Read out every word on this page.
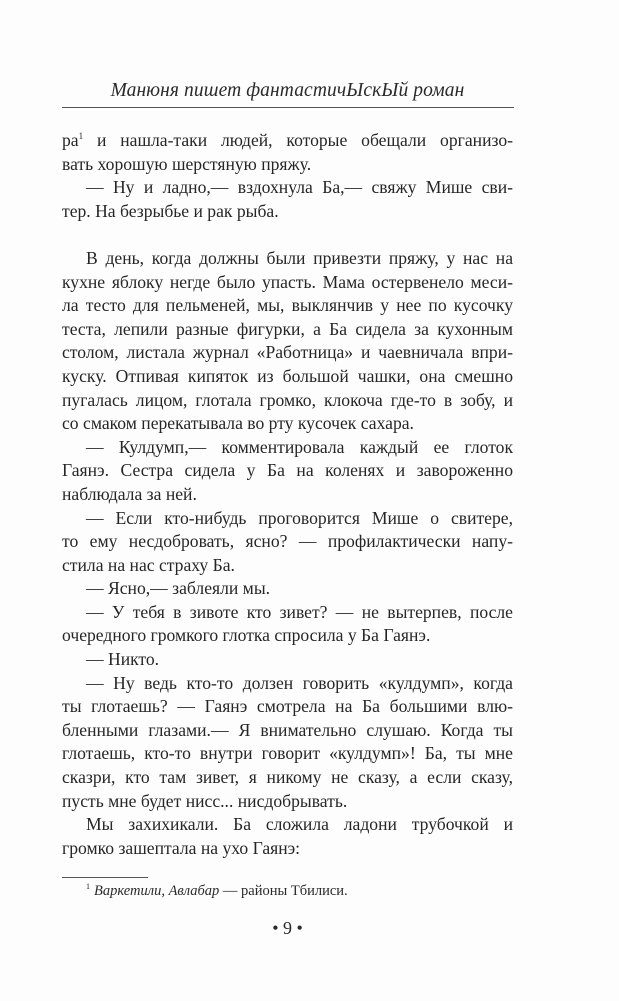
Манюня пишет фантастичЫскЫй роман
$ра^1$ и нашла-таки людей, которые обещали организо-
вать хорошую шерстяную пряжу.
— Ну и ладно,— вздохнула Ба,— свяжу Мише сви-
тер. На безрыбье и рак рыба.
В день, когда должны были привезти пряжу, у нас на
кухне яблоку негде было упасть. Мама остервенело меси-
ла тесто для пельменей, мы, выклянчив у нее по кусочку
теста, лепили разные фигурки, а Ба сидела за кухонным
столом, листала журнал «Работница» и чаевничала впри-
куску. Отпивая кипяток из большой чашки, она смешно
пугалась лицом, глотала громко, клокоча где-то в зобу, и
со смаком перекатывала во рту кусочек сахара.
— Кулдумп,— комментировала каждый ее глоток
Гаянэ. Сестра сидела у Ба на коленях и завороженно
наблюдала за ней.
— Если кто-нибудь проговорится Мише о свитере,
то ему несдобровать, ясно? — профилактически напу-
стила на нас страху Ба.
— Ясно,— заблеяли мы.
— У тебя в зивоте кто зивет? — не вытерпев, после
очередного громкого глотка спросила у Ба Гаянэ.
— Никто.
— Ну ведь кто-то долзен говорить «кулдумп», когда
ты глотаешь? — Гаянэ смотрела на Ба большими влю-
бленными глазами.— Я внимательно слушаю. Когда ты
глотаешь, кто-то внутри говорит «кулдумп»! Ба, ты мне
сказри, кто там зивет, я никому не сказу, а если сказу,
пусть мне будет нисс... нисдобрывать.
Мы захихикали. Ба сложила ладони трубочкой и
громко зашептала на ухо Гаянэ:
$^1$ Варкетили, Авлабар — районы Тбилиси.
• 9 •
